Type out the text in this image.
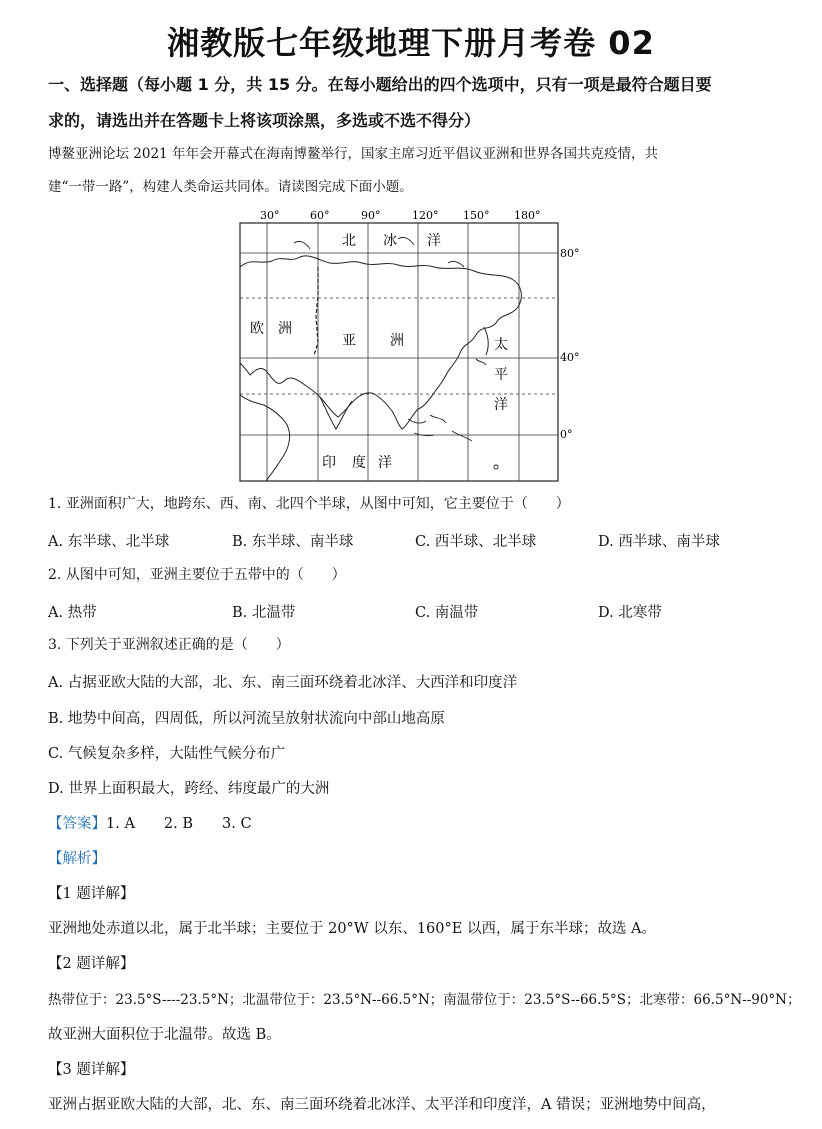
湘教版七年级地理下册月考卷 02
一、选择题（每小题 1 分，共 15 分。在每小题给出的四个选项中，只有一项是最符合题目要
求的，请选出并在答题卡上将该项涂黑，多选或不选不得分）
博鳌亚洲论坛 2021 年年会开幕式在海南博鳌举行，国家主席习近平倡议亚洲和世界各国共克疫情，共
建“一带一路”，构建人类命运共同体。请读图完成下面小题。
30°	60°	90°	120° 150° 180°
80°
40°
0°
北 冰 洋
欧 洲
亚 洲	太
平
洋
印 度 洋
1. 亚洲面积广大，地跨东、西、南、北四个半球，从图中可知，它主要位于（　　）
A. 东半球、北半球	B. 东半球、南半球	C. 西半球、北半球	D. 西半球、南半球
2. 从图中可知，亚洲主要位于五带中的（　　）
A. 热带	B. 北温带	C. 南温带	D. 北寒带
3. 下列关于亚洲叙述正确的是（　　）
A. 占据亚欧大陆的大部，北、东、南三面环绕着北冰洋、大西洋和印度洋
B. 地势中间高，四周低，所以河流呈放射状流向中部山地高原
C. 气候复杂多样，大陆性气候分布广
D. 世界上面积最大，跨经、纬度最广的大洲
【答案】1. A　　2. B　　3. C
【解析】
【1 题详解】
亚洲地处赤道以北，属于北半球；主要位于 20°W 以东、160°E 以西，属于东半球；故选 A。
【2 题详解】
热带位于：23.5°S----23.5°N；北温带位于：23.5°N--66.5°N；南温带位于：23.5°S--66.5°S；北寒带：66.5°N--90°N；
故亚洲大面积位于北温带。故选 B。
【3 题详解】
亚洲占据亚欧大陆的大部，北、东、南三面环绕着北冰洋、太平洋和印度洋，A 错误；亚洲地势中间高，
